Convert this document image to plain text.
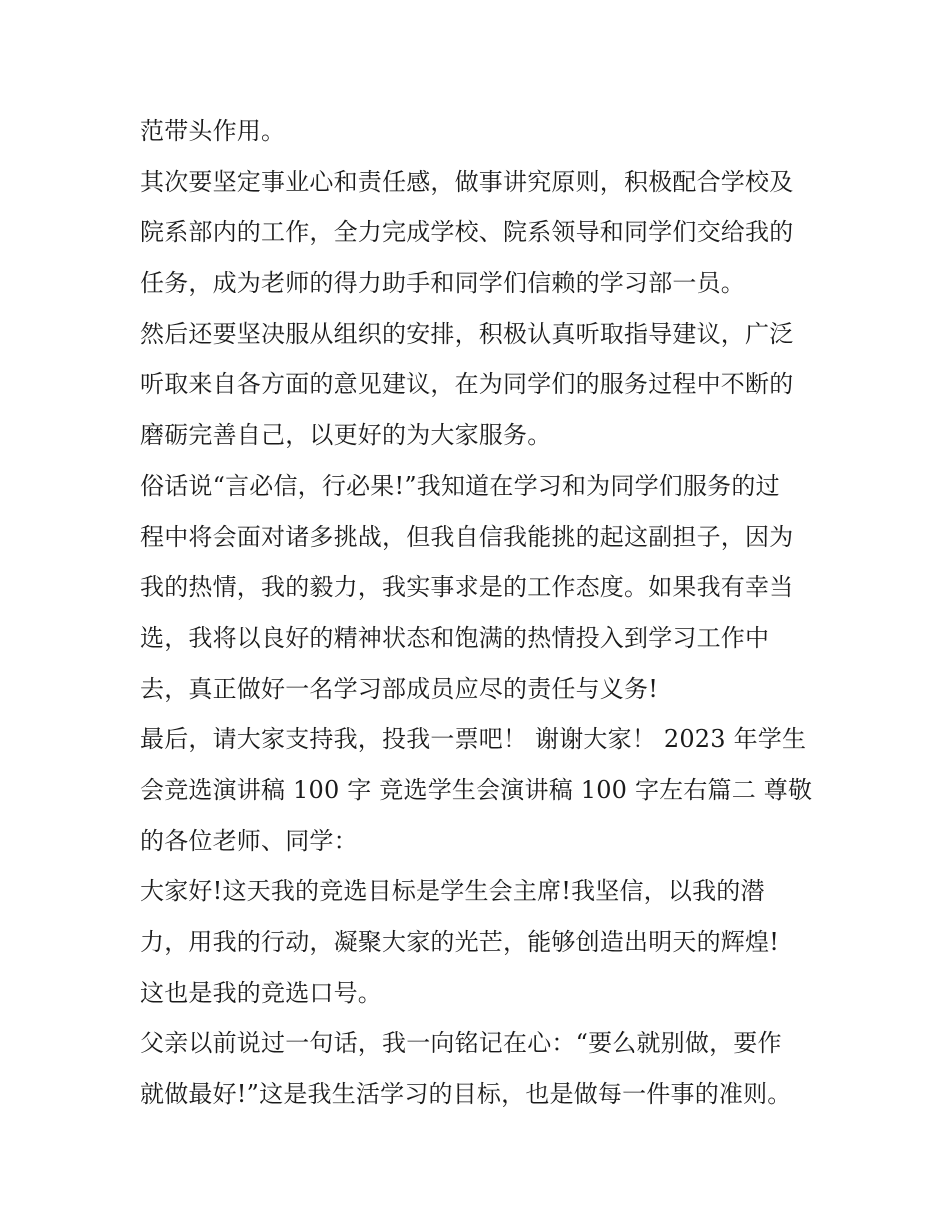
范带头作用。
其次要坚定事业心和责任感，做事讲究原则，积极配合学校及
院系部内的工作，全力完成学校、院系领导和同学们交给我的
任务，成为老师的得力助手和同学们信赖的学习部一员。
然后还要坚决服从组织的安排，积极认真听取指导建议，广泛
听取来自各方面的意见建议，在为同学们的服务过程中不断的
磨砺完善自己，以更好的为大家服务。
俗话说“言必信，行必果!”我知道在学习和为同学们服务的过
程中将会面对诸多挑战，但我自信我能挑的起这副担子，因为
我的热情，我的毅力，我实事求是的工作态度。如果我有幸当
选，我将以良好的精神状态和饱满的热情投入到学习工作中
去，真正做好一名学习部成员应尽的责任与义务!
最后，请大家支持我，投我一票吧！ 谢谢大家！ 2023 年学生
会竞选演讲稿 100 字 竞选学生会演讲稿 100 字左右篇二 尊敬
的各位老师、同学：
大家好!这天我的竞选目标是学生会主席!我坚信，以我的潜
力，用我的行动，凝聚大家的光芒，能够创造出明天的辉煌!
这也是我的竞选口号。
父亲以前说过一句话，我一向铭记在心：“要么就别做，要作
就做最好!”这是我生活学习的目标，也是做每一件事的准则。
